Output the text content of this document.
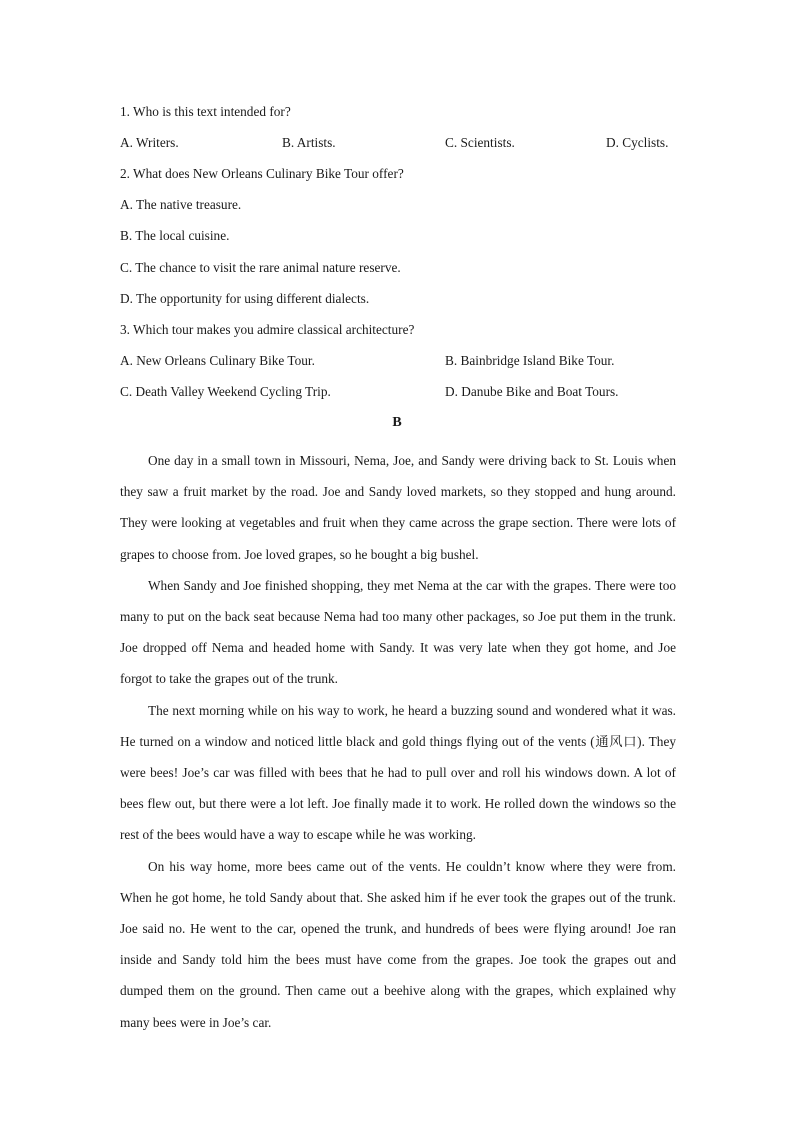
1. Who is this text intended for?
A. Writers.	B. Artists.	C. Scientists.	D. Cyclists.
2. What does New Orleans Culinary Bike Tour offer?
A. The native treasure.
B. The local cuisine.
C. The chance to visit the rare animal nature reserve.
D. The opportunity for using different dialects.
3. Which tour makes you admire classical architecture?
A. New Orleans Culinary Bike Tour.	B. Bainbridge Island Bike Tour.
C. Death Valley Weekend Cycling Trip.	D. Danube Bike and Boat Tours.
B

One day in a small town in Missouri, Nema, Joe, and Sandy were driving back to St. Louis when they saw a fruit market by the road. Joe and Sandy loved markets, so they stopped and hung around. They were looking at vegetables and fruit when they came across the grape section. There were lots of grapes to choose from. Joe loved grapes, so he bought a big bushel.

When Sandy and Joe finished shopping, they met Nema at the car with the grapes. There were too many to put on the back seat because Nema had too many other packages, so Joe put them in the trunk. Joe dropped off Nema and headed home with Sandy. It was very late when they got home, and Joe forgot to take the grapes out of the trunk.

The next morning while on his way to work, he heard a buzzing sound and wondered what it was. He turned on a window and noticed little black and gold things flying out of the vents (通风口). They were bees! Joe’s car was filled with bees that he had to pull over and roll his windows down. A lot of bees flew out, but there were a lot left. Joe finally made it to work. He rolled down the windows so the rest of the bees would have a way to escape while he was working.

On his way home, more bees came out of the vents. He couldn’t know where they were from. When he got home, he told Sandy about that. She asked him if he ever took the grapes out of the trunk. Joe said no. He went to the car, opened the trunk, and hundreds of bees were flying around! Joe ran inside and Sandy told him the bees must have come from the grapes. Joe took the grapes out and dumped them on the ground. Then came out a beehive along with the grapes, which explained why many bees were in Joe’s car.
